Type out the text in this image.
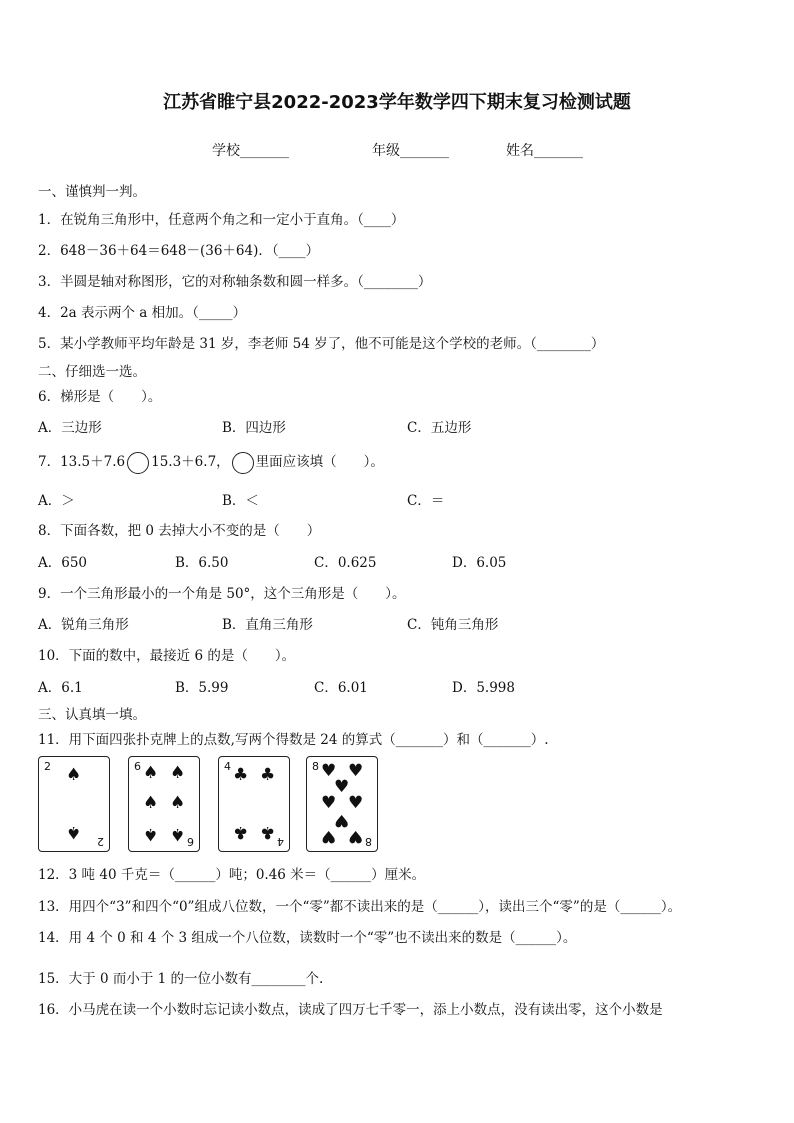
江苏省睢宁县2022-2023学年数学四下期末复习检测试题
学校_______	年级_______	姓名_______
一、谨慎判一判。
1．在锐角三角形中，任意两个角之和一定小于直角。（____）
2．648－36＋64＝648－(36＋64)．（____）
3．半圆是轴对称图形，它的对称轴条数和圆一样多。（________）
4．2a 表示两个 a 相加。（_____）
5．某小学教师平均年龄是 31 岁，李老师 54 岁了，他不可能是这个学校的老师。（________）
二、仔细选一选。
6．梯形是（　　）。
A．三边形	B．四边形	C．五边形
7．13.5＋7.6 15.3＋6.7， 里面应该填（　　）。
A．＞	B．＜	C．＝
8．下面各数，把 0 去掉大小不变的是（　　）
A．650	B．6.50	C．0.625	D．6.05
9．一个三角形最小的一个角是 50°，这个三角形是（　　）。
A．锐角三角形	B．直角三角形	C．钝角三角形
10．下面的数中，最接近 6 的是（　　）。
A．6.1	B．5.99	C．6.01	D．5.998
三、认真填一填。
11．用下面四张扑克牌上的点数,写两个得数是 24 的算式（_______）和（_______）.
2
2
♠
♠
6
6
♠ ♠
♠ ♠
♠ ♠
4
4
♣ ♣
♣ ♣
8
8
♥ ♥
♥
♥ ♥
♥
♥ ♥
12．3 吨 40 千克＝（______）吨；0.46 米＝（______）厘米。
13．用四个“3”和四个“0”组成八位数，一个“零”都不读出来的是（______），读出三个“零”的是（______）。
14．用 4 个 0 和 4 个 3 组成一个八位数，读数时一个“零”也不读出来的数是（______）。
15．大于 0 而小于 1 的一位小数有________个.
16．小马虎在读一个小数时忘记读小数点，读成了四万七千零一，添上小数点，没有读出零，这个小数是
